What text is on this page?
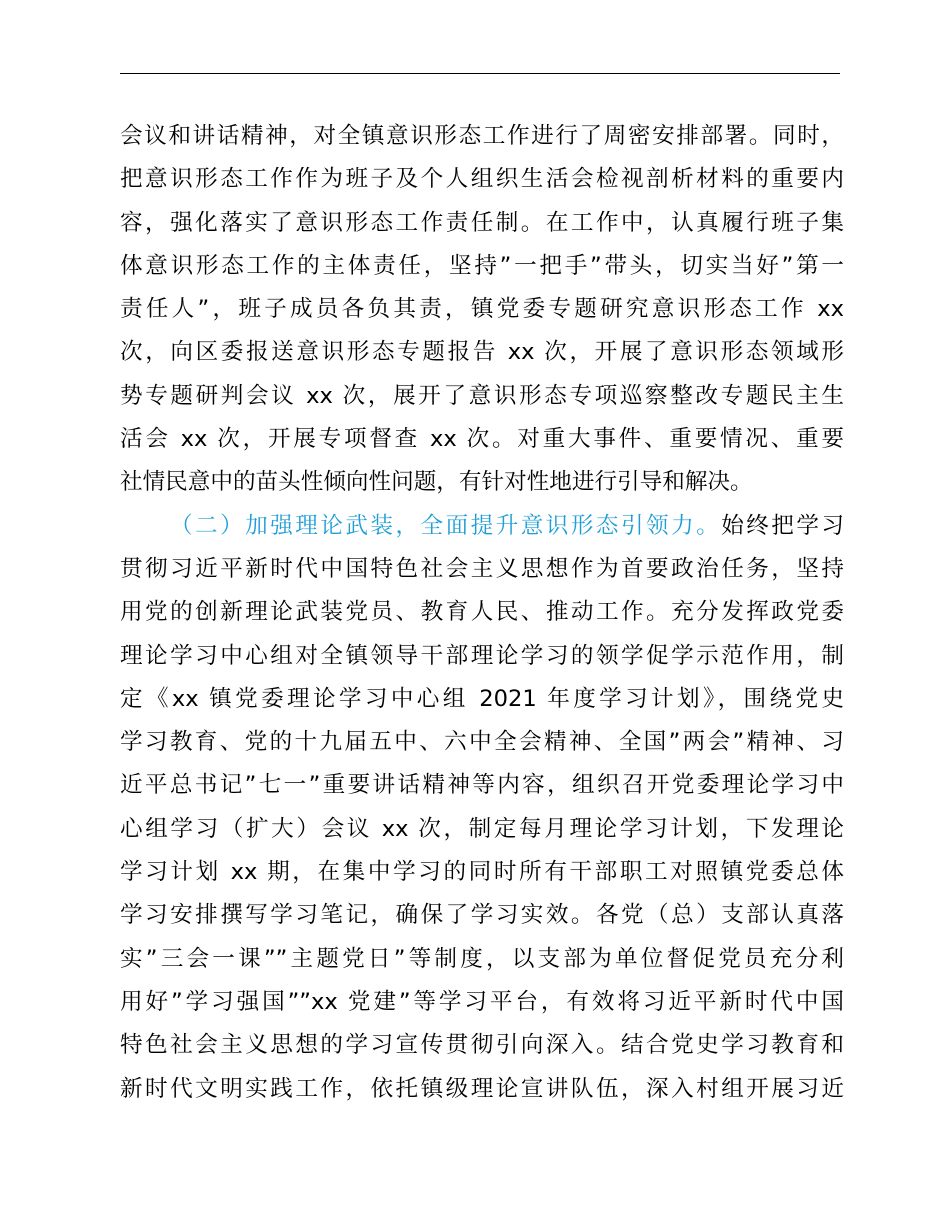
会议和讲话精神，对全镇意识形态工作进行了周密安排部署。同时，
把意识形态工作作为班子及个人组织生活会检视剖析材料的重要内
容，强化落实了意识形态工作责任制。在工作中，认真履行班子集
体意识形态工作的主体责任，坚持”一把手”带头，切实当好”第一
责任人”，班子成员各负其责，镇党委专题研究意识形态工作 xx
次，向区委报送意识形态专题报告 xx 次，开展了意识形态领域形
势专题研判会议 xx 次，展开了意识形态专项巡察整改专题民主生
活会 xx 次，开展专项督查 xx 次。对重大事件、重要情况、重要
社情民意中的苗头性倾向性问题，有针对性地进行引导和解决。
（二）加强理论武装，全面提升意识形态引领力。始终把学习
贯彻习近平新时代中国特色社会主义思想作为首要政治任务，坚持
用党的创新理论武装党员、教育人民、推动工作。充分发挥政党委
理论学习中心组对全镇领导干部理论学习的领学促学示范作用，制
定《xx 镇党委理论学习中心组 2021 年度学习计划》，围绕党史
学习教育、党的十九届五中、六中全会精神、全国”两会”精神、习
近平总书记”七一”重要讲话精神等内容，组织召开党委理论学习中
心组学习（扩大）会议 xx 次，制定每月理论学习计划，下发理论
学习计划 xx 期，在集中学习的同时所有干部职工对照镇党委总体
学习安排撰写学习笔记，确保了学习实效。各党（总）支部认真落
实”三会一课””主题党日”等制度，以支部为单位督促党员充分利
用好”学习强国””xx 党建”等学习平台，有效将习近平新时代中国
特色社会主义思想的学习宣传贯彻引向深入。结合党史学习教育和
新时代文明实践工作，依托镇级理论宣讲队伍，深入村组开展习近
